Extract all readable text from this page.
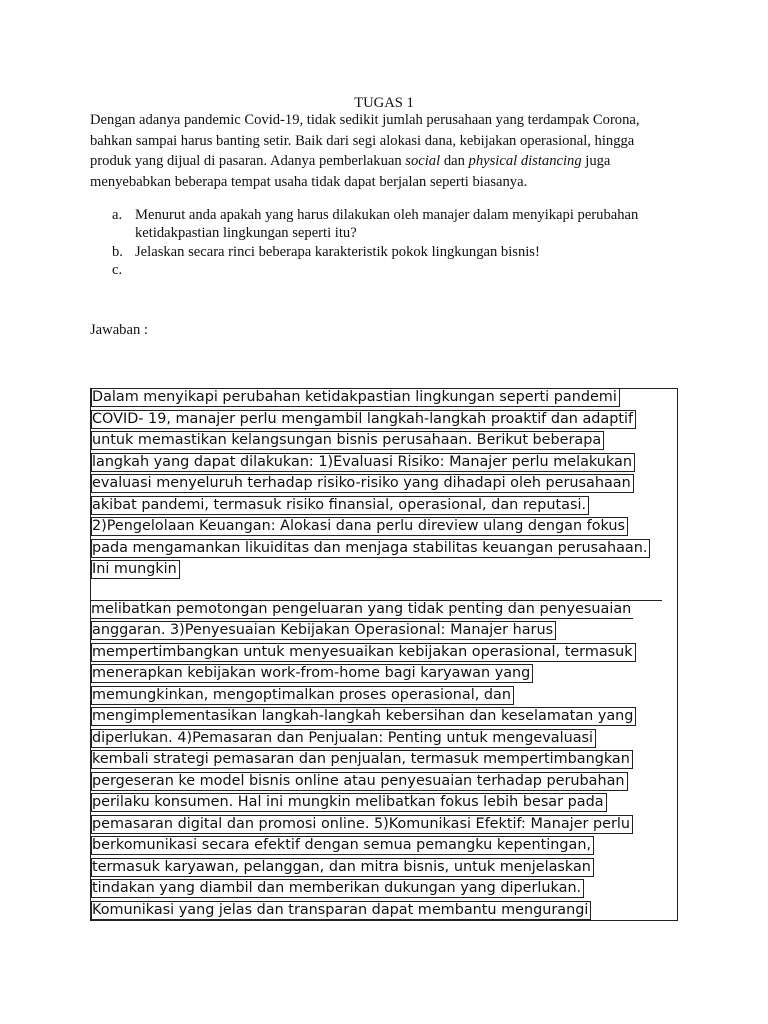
TUGAS 1

Dengan adanya pandemic Covid-19, tidak sedikit jumlah perusahaan yang terdampak Corona, bahkan sampai harus banting setir. Baik dari segi alokasi dana, kebijakan operasional, hingga produk yang dijual di pasaran. Adanya pemberlakuan social dan physical distancing juga menyebabkan beberapa tempat usaha tidak dapat berjalan seperti biasanya.

a. Menurut anda apakah yang harus dilakukan oleh manajer dalam menyikapi perubahan ketidakpastian lingkungan seperti itu?
b. Jelaskan secara rinci beberapa karakteristik pokok lingkungan bisnis!
c.
Jawaban :
Dalam menyikapi perubahan ketidakpastian lingkungan seperti pandemi
COVID- 19, manajer perlu mengambil langkah-langkah proaktif dan adaptif
untuk memastikan kelangsungan bisnis perusahaan. Berikut beberapa
langkah yang dapat dilakukan: 1)Evaluasi Risiko: Manajer perlu melakukan
evaluasi menyeluruh terhadap risiko-risiko yang dihadapi oleh perusahaan
akibat pandemi, termasuk risiko finansial, operasional, dan reputasi.
2)Pengelolaan Keuangan: Alokasi dana perlu direview ulang dengan fokus
pada mengamankan likuiditas dan menjaga stabilitas keuangan perusahaan.
Ini mungkin
melibatkan pemotongan pengeluaran yang tidak penting dan penyesuaian
anggaran. 3)Penyesuaian Kebijakan Operasional: Manajer harus
mempertimbangkan untuk menyesuaikan kebijakan operasional, termasuk
menerapkan kebijakan work-from-home bagi karyawan yang
memungkinkan, mengoptimalkan proses operasional, dan
mengimplementasikan langkah-langkah kebersihan dan keselamatan yang
diperlukan. 4)Pemasaran dan Penjualan: Penting untuk mengevaluasi
kembali strategi pemasaran dan penjualan, termasuk mempertimbangkan
pergeseran ke model bisnis online atau penyesuaian terhadap perubahan
perilaku konsumen. Hal ini mungkin melibatkan fokus lebih besar pada
pemasaran digital dan promosi online. 5)Komunikasi Efektif: Manajer perlu
berkomunikasi secara efektif dengan semua pemangku kepentingan,
termasuk karyawan, pelanggan, dan mitra bisnis, untuk menjelaskan
tindakan yang diambil dan memberikan dukungan yang diperlukan.
Komunikasi yang jelas dan transparan dapat membantu mengurangi
